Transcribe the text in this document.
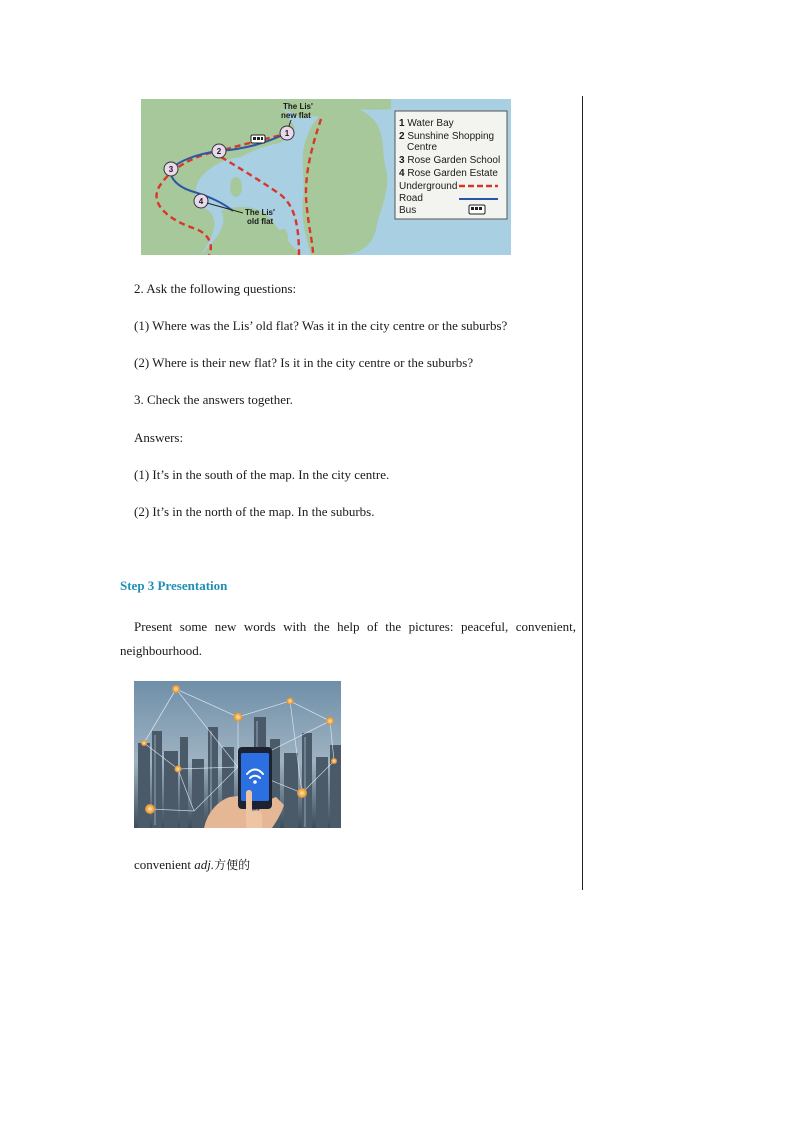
1
2
3
4
The Lis'
new flat
The Lis'
old flat
1 Water Bay
2 Sunshine Shopping
Centre
3 Rose Garden School
4 Rose Garden Estate
Underground
Road
Bus
2. Ask the following questions:
(1) Where was the Lis’ old flat? Was it in the city centre or the suburbs?
(2) Where is their new flat? Is it in the city centre or the suburbs?
3. Check the answers together.
Answers:
(1) It’s in the south of the map. In the city centre.
(2) It’s in the north of the map. In the suburbs.
Step 3 Presentation
Present some new words with the help of the pictures: peaceful, convenient, neighbourhood.
convenient adj.方便的
